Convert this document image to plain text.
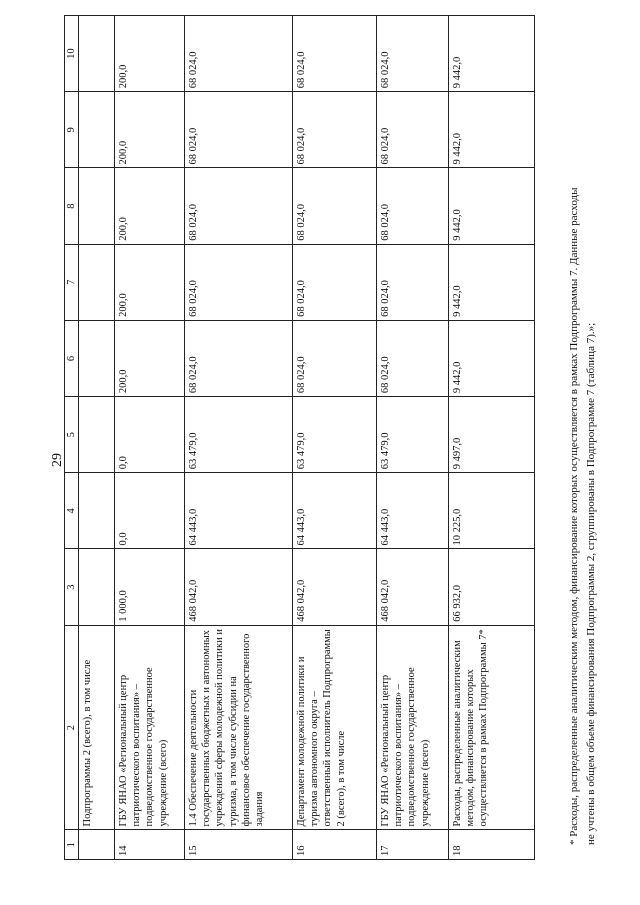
29
1	2	3	4	5	6	7	8	9	10
	Подпрограммы 2 (всего), в том числе								
14	ГБУ ЯНАО «Региональный центр патриотического воспитания» – подведомственное государственное учреждение (всего)	1 000,0	0,0	0,0	200,0	200,0	200,0	200,0	200,0
15	1.4 Обеспечение деятельности государственных бюджетных и автономных учреждений сферы молодежной политики и туризма, в том числе субсидии на финансовое обеспечение государственного задания	468 042,0	64 443,0	63 479,0	68 024,0	68 024,0	68 024,0	68 024,0	68 024,0
16	Департамент молодежной политики и туризма автономного округа – ответственный исполнитель Подпрограммы 2 (всего), в том числе	468 042,0	64 443,0	63 479,0	68 024,0	68 024,0	68 024,0	68 024,0	68 024,0
17	ГБУ ЯНАО «Региональный центр патриотического воспитания» – подведомственное государственное учреждение (всего)	468 042,0	64 443,0	63 479,0	68 024,0	68 024,0	68 024,0	68 024,0	68 024,0
18	Расходы, распределенные аналитическим методом, финансирование которых осуществляется в рамках Подпрограммы 7*	66 932,0	10 225,0	9 497,0	9 442,0	9 442,0	9 442,0	9 442,0	9 442,0
* Расходы, распределенные аналитическим методом, финансирование которых осуществляется в рамках Подпрограммы 7. Данные расходы не учтены в общем объеме финансирования Подпрограммы 2, сгруппированы в Подпрограмме 7 (таблица 7).»;
